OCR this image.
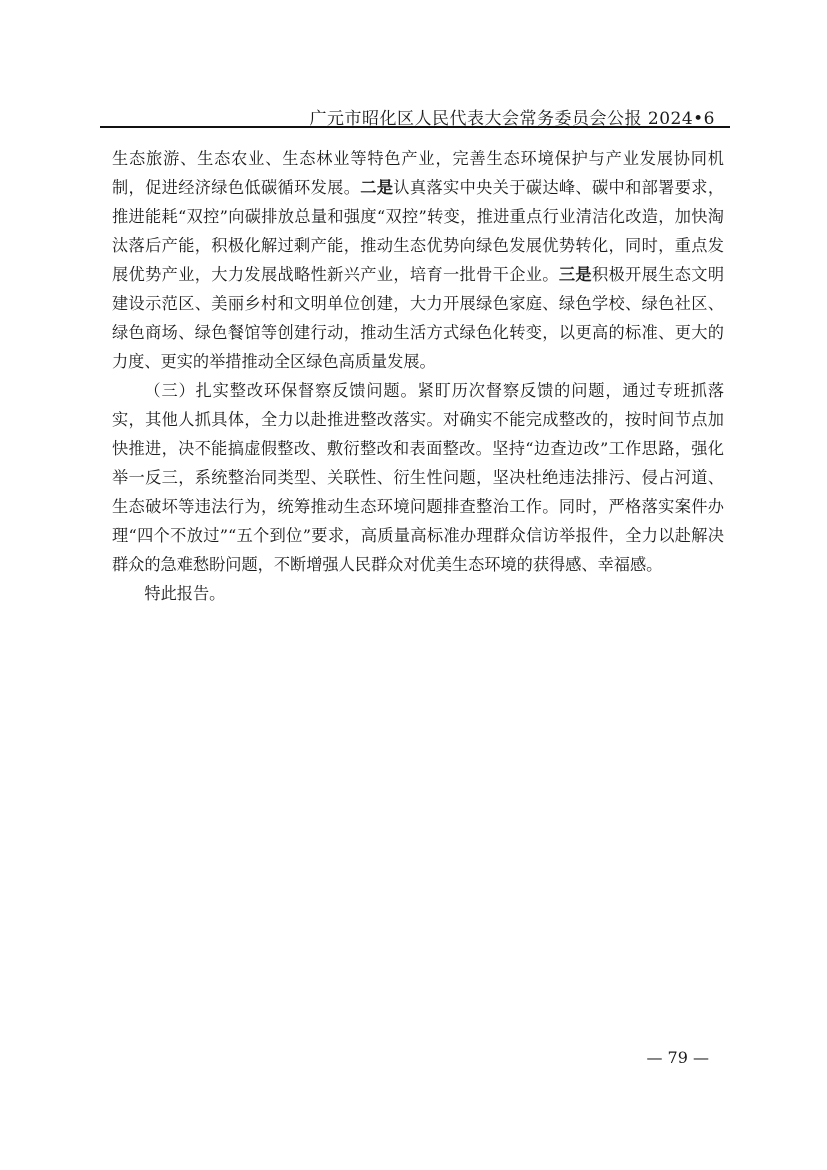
广元市昭化区人民代表大会常务委员会公报 2024•6

生态旅游、生态农业、生态林业等特色产业，完善生态环境保护与产业发展协同机制，促进经济绿色低碳循环发展。二是认真落实中央关于碳达峰、碳中和部署要求，推进能耗“双控”向碳排放总量和强度“双控”转变，推进重点行业清洁化改造，加快淘汰落后产能，积极化解过剩产能，推动生态优势向绿色发展优势转化，同时，重点发展优势产业，大力发展战略性新兴产业，培育一批骨干企业。三是积极开展生态文明建设示范区、美丽乡村和文明单位创建，大力开展绿色家庭、绿色学校、绿色社区、绿色商场、绿色餐馆等创建行动，推动生活方式绿色化转变，以更高的标准、更大的力度、更实的举措推动全区绿色高质量发展。

（三）扎实整改环保督察反馈问题。紧盯历次督察反馈的问题，通过专班抓落实，其他人抓具体，全力以赴推进整改落实。对确实不能完成整改的，按时间节点加快推进，决不能搞虚假整改、敷衍整改和表面整改。坚持“边查边改”工作思路，强化举一反三，系统整治同类型、关联性、衍生性问题，坚决杜绝违法排污、侵占河道、生态破坏等违法行为，统筹推动生态环境问题排查整治工作。同时，严格落实案件办理“四个不放过”“五个到位”要求，高质量高标准办理群众信访举报件，全力以赴解决群众的急难愁盼问题，不断增强人民群众对优美生态环境的获得感、幸福感。

特此报告。

— 79 —
